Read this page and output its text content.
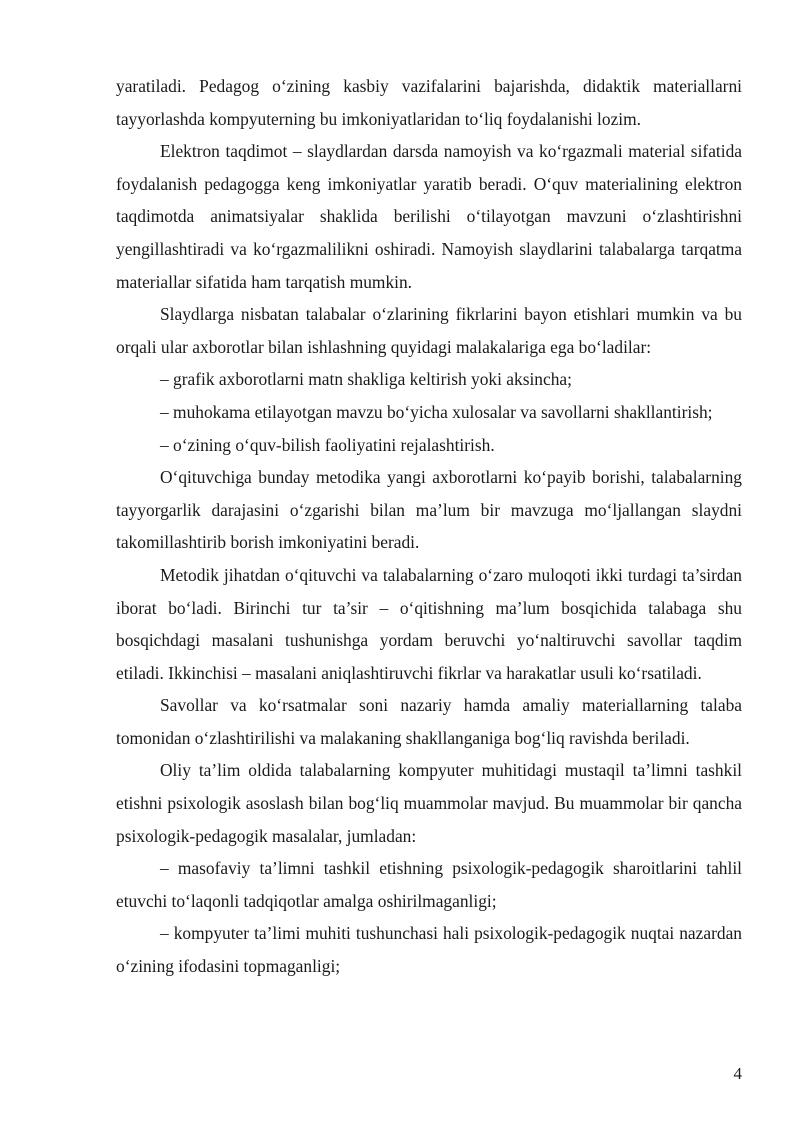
yaratiladi. Pedagog o‘zining kasbiy vazifalarini bajarishda, didaktik materiallarni tayyorlashda kompyuterning bu imkoniyatlaridan to‘liq foydalanishi lozim.

Elektron taqdimot – slaydlardan darsda namoyish va ko‘rgazmali material sifatida foydalanish pedagogga keng imkoniyatlar yaratib beradi. O‘quv materialining elektron taqdimotda animatsiyalar shaklida berilishi o‘tilayotgan mavzuni o‘zlashtirishni yengillashtiradi va ko‘rgazmalilikni oshiradi. Namoyish slaydlarini talabalarga tarqatma materiallar sifatida ham tarqatish mumkin.

Slaydlarga nisbatan talabalar o‘zlarining fikrlarini bayon etishlari mumkin va bu orqali ular axborotlar bilan ishlashning quyidagi malakalariga ega bo‘ladilar:

– grafik axborotlarni matn shakliga keltirish yoki aksincha;

– muhokama etilayotgan mavzu bo‘yicha xulosalar va savollarni shakllantirish;

– o‘zining o‘quv-bilish faoliyatini rejalashtirish.

O‘qituvchiga bunday metodika yangi axborotlarni ko‘payib borishi, talabalarning tayyorgarlik darajasini o‘zgarishi bilan ma’lum bir mavzuga mo‘ljallangan slaydni takomillashtirib borish imkoniyatini beradi.

Metodik jihatdan o‘qituvchi va talabalarning o‘zaro muloqoti ikki turdagi ta’sirdan iborat bo‘ladi. Birinchi tur ta’sir – o‘qitishning ma’lum bosqichida talabaga shu bosqichdagi masalani tushunishga yordam beruvchi yo‘naltiruvchi savollar taqdim etiladi. Ikkinchisi – masalani aniqlashtiruvchi fikrlar va harakatlar usuli ko‘rsatiladi.

Savollar va ko‘rsatmalar soni nazariy hamda amaliy materiallarning talaba tomonidan o‘zlashtirilishi va malakaning shakllanganiga bog‘liq ravishda beriladi.

Oliy ta’lim oldida talabalarning kompyuter muhitidagi mustaqil ta’limni tashkil etishni psixologik asoslash bilan bog‘liq muammolar mavjud. Bu muammolar bir qancha psixologik-pedagogik masalalar, jumladan:

– masofaviy ta’limni tashkil etishning psixologik-pedagogik sharoitlarini tahlil etuvchi to‘laqonli tadqiqotlar amalga oshirilmaganligi;

– kompyuter ta’limi muhiti tushunchasi hali psixologik-pedagogik nuqtai nazardan o‘zining ifodasini topmaganligi;

4
